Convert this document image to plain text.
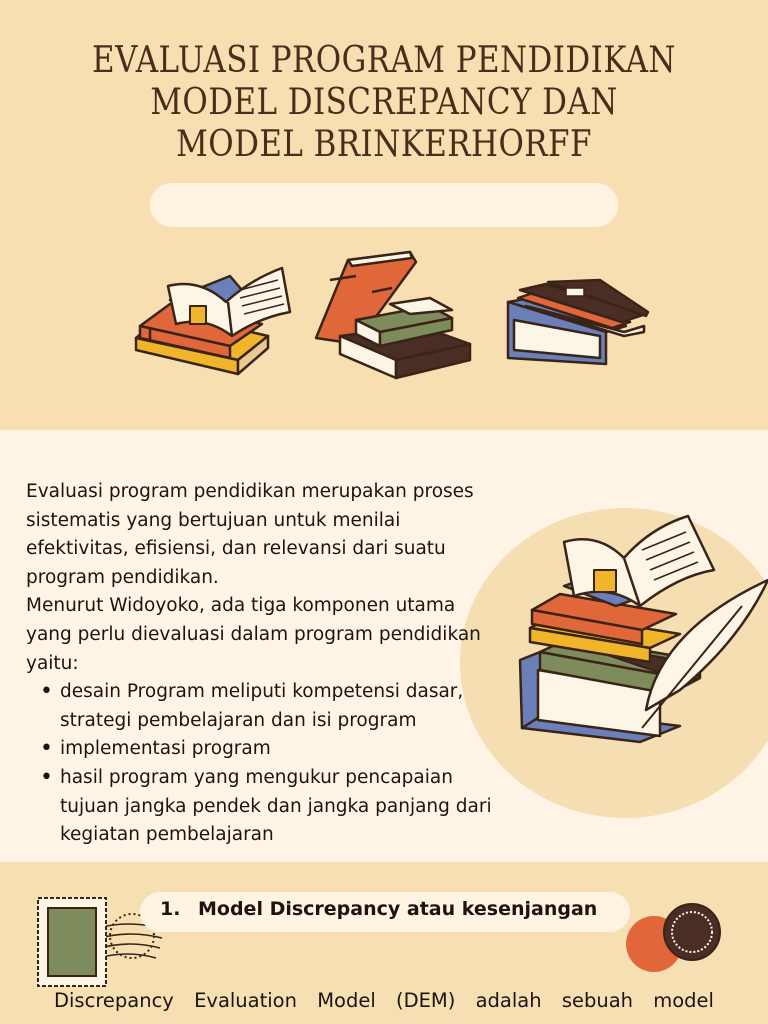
EVALUASI PROGRAM PENDIDIKAN
MODEL DISCREPANCY DAN
MODEL BRINKERHORFF

Evaluasi program pendidikan merupakan proses

sistematis yang bertujuan untuk menilai

efektivitas, efisiensi, dan relevansi dari suatu

program pendidikan.

Menurut Widoyoko, ada tiga komponen utama

yang perlu dievaluasi dalam program pendidikan

yaitu:

• desain Program meliputi kompetensi dasar,

strategi pembelajaran dan isi program

• implementasi program

• hasil program yang mengukur pencapaian

tujuan jangka pendek dan jangka panjang dari

kegiatan pembelajaran

1. Model Discrepancy atau kesenjangan
Discrepancy Evaluation Model (DEM) adalah sebuah model
